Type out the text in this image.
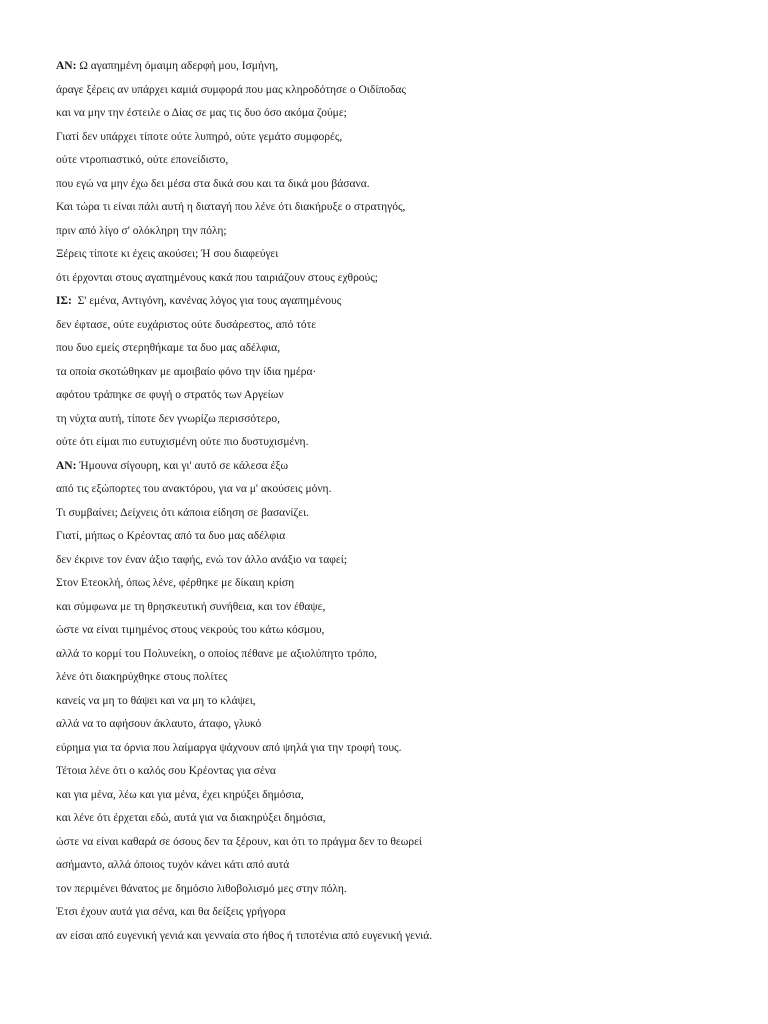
ΑΝ: Ω αγαπημένη όμαιμη αδερφή μου, Ισμήνη,
άραγε ξέρεις αν υπάρχει καμιά συμφορά που μας κληροδότησε ο Οιδίποδας
και να μην την έστειλε ο Δίας σε μας τις δυο όσο ακόμα ζούμε;
Γιατί δεν υπάρχει τίποτε ούτε λυπηρό, ούτε γεμάτο συμφορές,
ούτε ντροπιαστικό, ούτε επονείδιστο,
που εγώ να μην έχω δει μέσα στα δικά σου και τα δικά μου βάσανα.
Και τώρα τι είναι πάλι αυτή η διαταγή που λένε ότι διακήρυξε ο στρατηγός,
πριν από λίγο σ' ολόκληρη την πόλη;
Ξέρεις τίποτε κι έχεις ακούσει; Ή σου διαφεύγει
ότι έρχονται στους αγαπημένους κακά που ταιριάζουν στους εχθρούς;
ΙΣ:  Σ' εμένα, Αντιγόνη, κανένας λόγος για τους αγαπημένους
δεν έφτασε, ούτε ευχάριστος ούτε δυσάρεστος, από τότε
που δυο εμείς στερηθήκαμε τα δυο μας αδέλφια,
τα οποία σκοτώθηκαν με αμοιβαίο φόνο την ίδια ημέρα·
αφότου τράπηκε σε φυγή ο στρατός των Αργείων
τη νύχτα αυτή, τίποτε δεν γνωρίζω περισσότερο,
ούτε ότι είμαι πιο ευτυχισμένη ούτε πιο δυστυχισμένη.
ΑΝ: Ήμουνα σίγουρη, και γι' αυτό σε κάλεσα έξω
από τις εξώπορτες του ανακτόρου, για να μ' ακούσεις μόνη.
Τι συμβαίνει; Δείχνεις ότι κάποια είδηση σε βασανίζει.
Γιατί, μήπως ο Κρέοντας από τα δυο μας αδέλφια
δεν έκρινε τον έναν άξιο ταφής, ενώ τον άλλο ανάξιο να ταφεί;
Στον Ετεοκλή, όπως λένε, φέρθηκε με δίκαιη κρίση
και σύμφωνα με τη θρησκευτική συνήθεια, και τον έθαψε,
ώστε να είναι τιμημένος στους νεκρούς του κάτω κόσμου,
αλλά το κορμί του Πολυνείκη, ο οποίος πέθανε με αξιολύπητο τρόπο,
λένε ότι διακηρύχθηκε στους πολίτες
κανείς να μη το θάψει και να μη το κλάψει,
αλλά να το αφήσουν άκλαυτο, άταφο, γλυκό
εύρημα για τα όρνια που λαίμαργα ψάχνουν από ψηλά για την τροφή τους.
Τέτοια λένε ότι ο καλός σου Κρέοντας για σένα
και για μένα, λέω και για μένα, έχει κηρύξει δημόσια,
και λένε ότι έρχεται εδώ, αυτά για να διακηρύξει δημόσια,
ώστε να είναι καθαρά σε όσους δεν τα ξέρουν, και ότι το πράγμα δεν το θεωρεί
ασήμαντο, αλλά όποιος τυχόν κάνει κάτι από αυτά
τον περιμένει θάνατος με δημόσιο λιθοβολισμό μες στην πόλη.
Έτσι έχουν αυτά για σένα, και θα δείξεις γρήγορα
αν είσαι από ευγενική γενιά και γενναία στο ήθος ή τιποτένια από ευγενική γενιά.
